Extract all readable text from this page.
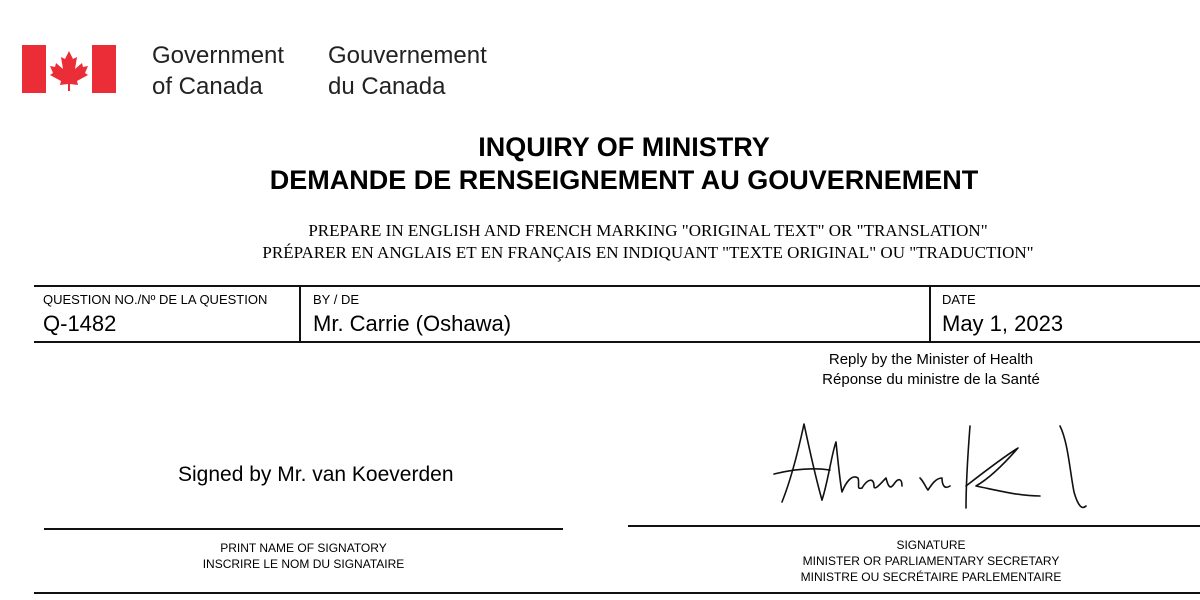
Government
of Canada
Gouvernement
du Canada
INQUIRY OF MINISTRY
DEMANDE DE RENSEIGNEMENT AU GOUVERNEMENT
PREPARE IN ENGLISH AND FRENCH MARKING "ORIGINAL TEXT" OR "TRANSLATION"
PRÉPARER EN ANGLAIS ET EN FRANÇAIS EN INDIQUANT "TEXTE ORIGINAL" OU "TRADUCTION"
QUESTION NO./Nº DE LA QUESTION
Q-1482
BY / DE
Mr. Carrie (Oshawa)
DATE
May 1, 2023
Reply by the Minister of Health
Réponse du ministre de la Santé
Signed by Mr. van Koeverden
PRINT NAME OF SIGNATORY
INSCRIRE LE NOM DU SIGNATAIRE
SIGNATURE
MINISTER OR PARLIAMENTARY SECRETARY
MINISTRE OU SECRÉTAIRE PARLEMENTAIRE
